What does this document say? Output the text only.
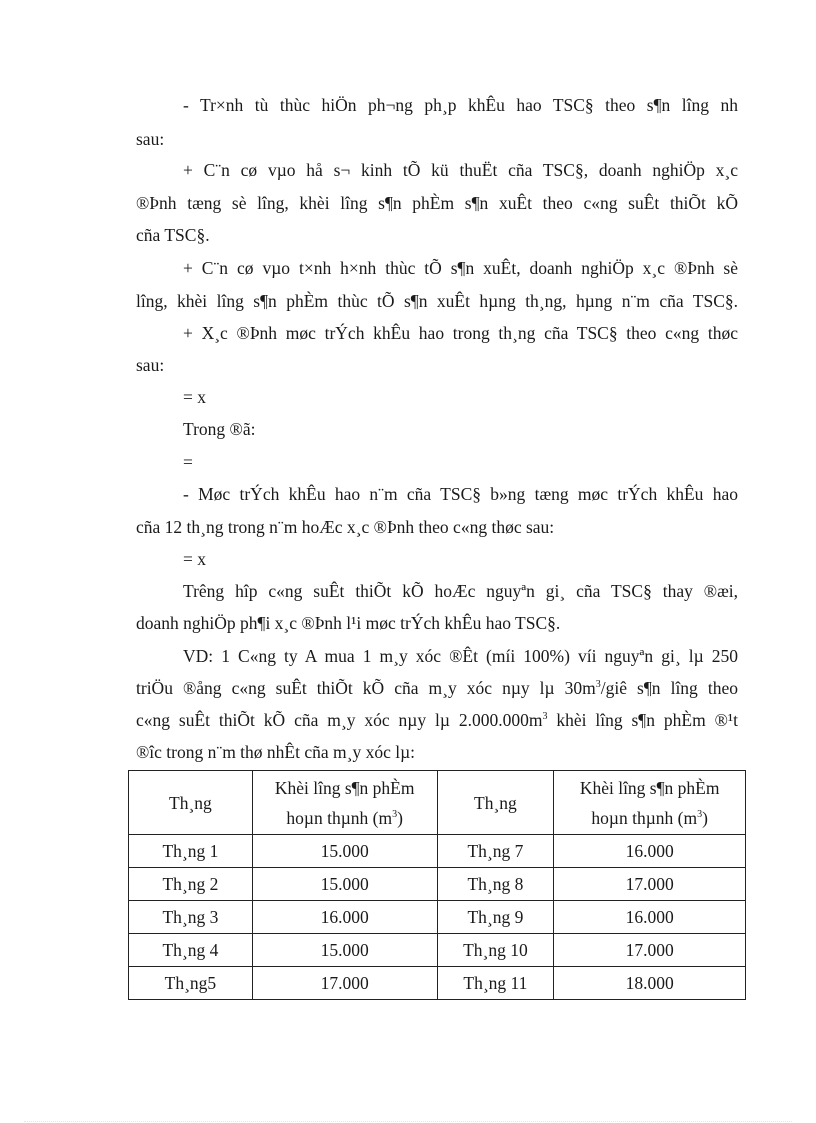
- Tr×nh tù thùc hiÖn ph¬ng ph¸p khÊu hao TSC§ theo s¶n lîng nh
sau:
+ C¨n cø vµo hå s¬ kinh tÕ kü thuËt cña TSC§, doanh nghiÖp x¸c
®Þnh tæng sè lîng, khèi lîng s¶n phÈm s¶n xuÊt theo c«ng suÊt thiÕt kÕ
cña TSC§.
+ C¨n cø vµo t×nh h×nh thùc tÕ s¶n xuÊt, doanh nghiÖp x¸c ®Þnh sè
lîng, khèi lîng s¶n phÈm thùc tÕ s¶n xuÊt hµng th¸ng, hµng n¨m cña TSC§.
+ X¸c ®Þnh møc trÝch khÊu hao trong th¸ng cña TSC§ theo c«ng thøc
sau:
= x
Trong ®ã:
=
- Møc trÝch khÊu hao n¨m cña TSC§ b»ng tæng møc trÝch khÊu hao
cña 12 th¸ng trong n¨m hoÆc x¸c ®Þnh theo c«ng thøc sau:
= x
Trêng hîp c«ng suÊt thiÕt kÕ hoÆc nguyªn gi¸ cña TSC§ thay ®æi,
doanh nghiÖp ph¶i x¸c ®Þnh l¹i møc trÝch khÊu hao TSC§.
VD: 1 C«ng ty A mua 1 m¸y xóc ®Êt (míi 100%) víi nguyªn gi¸ lµ 250
triÖu ®ång c«ng suÊt thiÕt kÕ cña m¸y xóc nµy lµ $30m^3$/giê s¶n lîng theo
c«ng suÊt thiÕt kÕ cña m¸y xóc nµy lµ $2.000.000m^3$ khèi lîng s¶n phÈm ®¹t
®îc trong n¨m thø nhÊt cña m¸y xóc lµ:
Th¸ng	Khèi lîng s¶n phÈm
hoµn thµnh $(m^3)$	Th¸ng	Khèi lîng s¶n phÈm
hoµn thµnh $(m^3)$
Th¸ng 1	15.000	Th¸ng 7	16.000
Th¸ng 2	15.000	Th¸ng 8	17.000
Th¸ng 3	16.000	Th¸ng 9	16.000
Th¸ng 4	15.000	Th¸ng 10	17.000
Th¸ng5	17.000	Th¸ng 11	18.000
